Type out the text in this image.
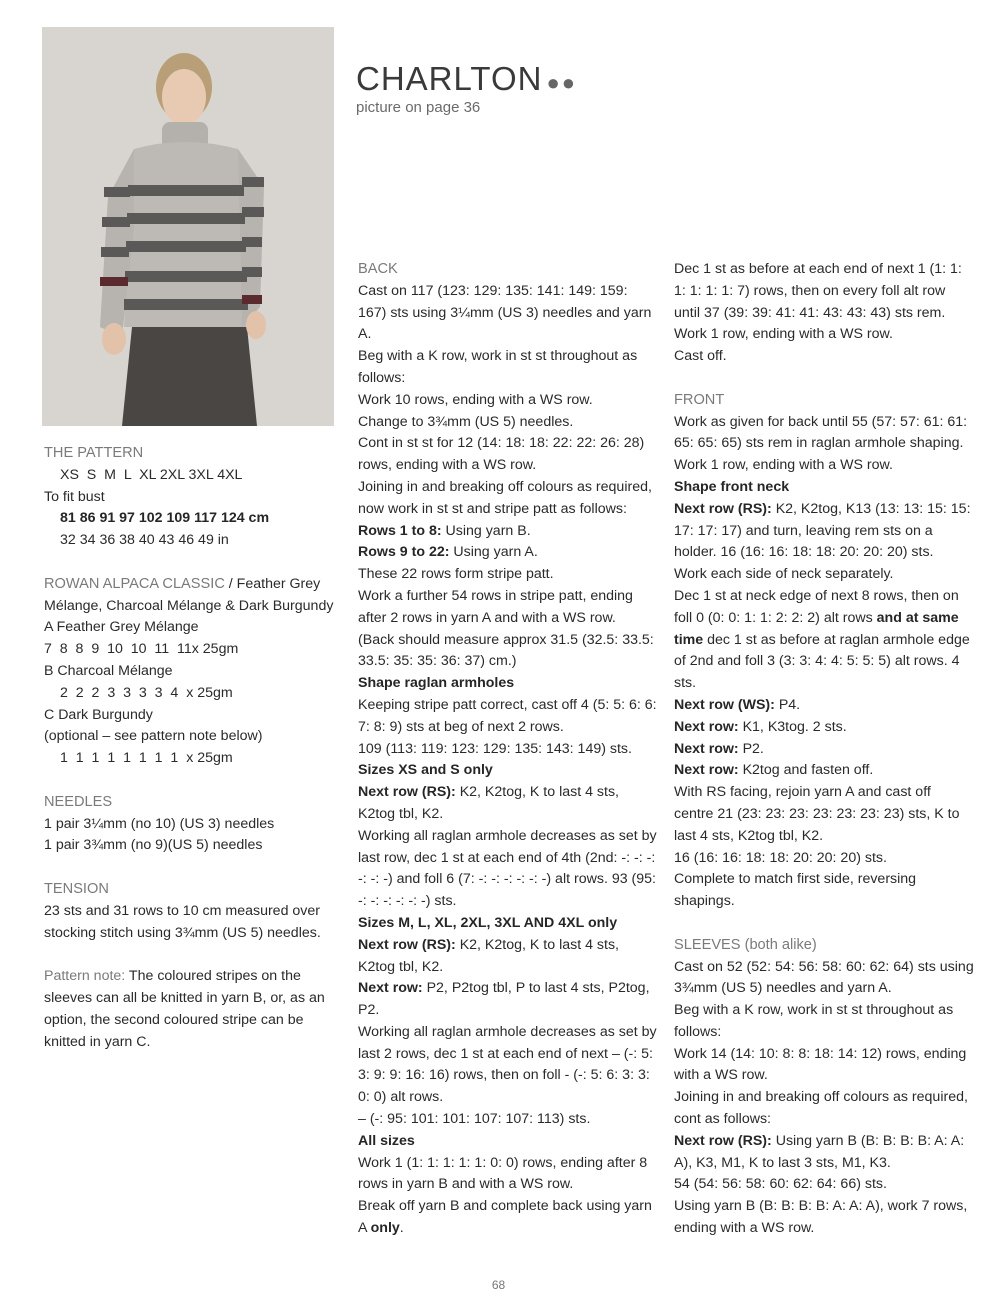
CHARLTON ●●
picture on page 36

THE PATTERN

XS  S  M  L  XL 2XL 3XL 4XL

To fit bust

81 86 91 97 102 109 117 124 cm

32 34 36 38 40 43 46 49 in

ROWAN ALPACA CLASSIC / Feather Grey Mélange, Charcoal Mélange & Dark Burgundy

A Feather Grey Mélange

7  8  8  9  10  10  11  11x 25gm

B Charcoal Mélange

2  2  2  3  3  3  3  4  x 25gm

C Dark Burgundy

(optional – see pattern note below)

1  1  1  1  1  1  1  1  x 25gm

NEEDLES

1 pair 3¼mm (no 10) (US 3) needles

1 pair 3¾mm (no 9)(US 5) needles

TENSION

23 sts and 31 rows to 10 cm measured over stocking stitch using 3¾mm (US 5) needles.

Pattern note: The coloured stripes on the sleeves can all be knitted in yarn B, or, as an option, the second coloured stripe can be knitted in yarn C.

BACK

Cast on 117 (123: 129: 135: 141: 149: 159: 167) sts using 3¼mm (US 3) needles and yarn A.

Beg with a K row, work in st st throughout as follows:

Work 10 rows, ending with a WS row.

Change to 3¾mm (US 5) needles.

Cont in st st for 12 (14: 18: 18: 22: 22: 26: 28) rows, ending with a WS row.

Joining in and breaking off colours as required, now work in st st and stripe patt as follows:

Rows 1 to 8: Using yarn B.

Rows 9 to 22: Using yarn A.

These 22 rows form stripe patt.

Work a further 54 rows in stripe patt, ending after 2 rows in yarn A and with a WS row.

(Back should measure approx 31.5 (32.5: 33.5: 33.5: 35: 35: 36: 37) cm.)

Shape raglan armholes

Keeping stripe patt correct, cast off 4 (5: 5: 6: 6: 7: 8: 9) sts at beg of next 2 rows.

109 (113: 119: 123: 129: 135: 143: 149) sts.

Sizes XS and S only

Next row (RS): K2, K2tog, K to last 4 sts, K2tog tbl, K2.

Working all raglan armhole decreases as set by last row, dec 1 st at each end of 4th (2nd: -: -: -: -: -: -) and foll 6 (7: -: -: -: -: -: -) alt rows. 93 (95: -: -: -: -: -: -) sts.

Sizes M, L, XL, 2XL, 3XL AND 4XL only

Next row (RS): K2, K2tog, K to last 4 sts, K2tog tbl, K2.

Next row: P2, P2tog tbl, P to last 4 sts, P2tog, P2.

Working all raglan armhole decreases as set by last 2 rows, dec 1 st at each end of next – (-: 5: 3: 9: 9: 16: 16) rows, then on foll - (-: 5: 6: 3: 3: 0: 0) alt rows.

– (-: 95: 101: 101: 107: 107: 113) sts.

All sizes

Work 1 (1: 1: 1: 1: 1: 0: 0) rows, ending after 8 rows in yarn B and with a WS row.

Break off yarn B and complete back using yarn A only.

Dec 1 st as before at each end of next 1 (1: 1: 1: 1: 1: 1: 7) rows, then on every foll alt row until 37 (39: 39: 41: 41: 43: 43: 43) sts rem.

Work 1 row, ending with a WS row.

Cast off.

FRONT

Work as given for back until 55 (57: 57: 61: 61: 65: 65: 65) sts rem in raglan armhole shaping.

Work 1 row, ending with a WS row.

Shape front neck

Next row (RS): K2, K2tog, K13 (13: 13: 15: 15: 17: 17: 17) and turn, leaving rem sts on a holder. 16 (16: 16: 18: 18: 20: 20: 20) sts.

Work each side of neck separately.

Dec 1 st at neck edge of next 8 rows, then on foll 0 (0: 0: 1: 1: 2: 2: 2) alt rows and at same time dec 1 st as before at raglan armhole edge of 2nd and foll 3 (3: 3: 4: 4: 5: 5: 5) alt rows. 4 sts.

Next row (WS): P4.

Next row: K1, K3tog. 2 sts.

Next row: P2.

Next row: K2tog and fasten off.

With RS facing, rejoin yarn A and cast off centre 21 (23: 23: 23: 23: 23: 23: 23) sts, K to last 4 sts, K2tog tbl, K2.

16 (16: 16: 18: 18: 20: 20: 20) sts.

Complete to match first side, reversing shapings.

SLEEVES (both alike)

Cast on 52 (52: 54: 56: 58: 60: 62: 64) sts using 3¾mm (US 5) needles and yarn A.

Beg with a K row, work in st st throughout as follows:

Work 14 (14: 10: 8: 8: 18: 14: 12) rows, ending with a WS row.

Joining in and breaking off colours as required, cont as follows:

Next row (RS): Using yarn B (B: B: B: B: A: A: A), K3, M1, K to last 3 sts, M1, K3.

54 (54: 56: 58: 60: 62: 64: 66) sts.

Using yarn B (B: B: B: B: A: A: A), work 7 rows, ending with a WS row.

68
